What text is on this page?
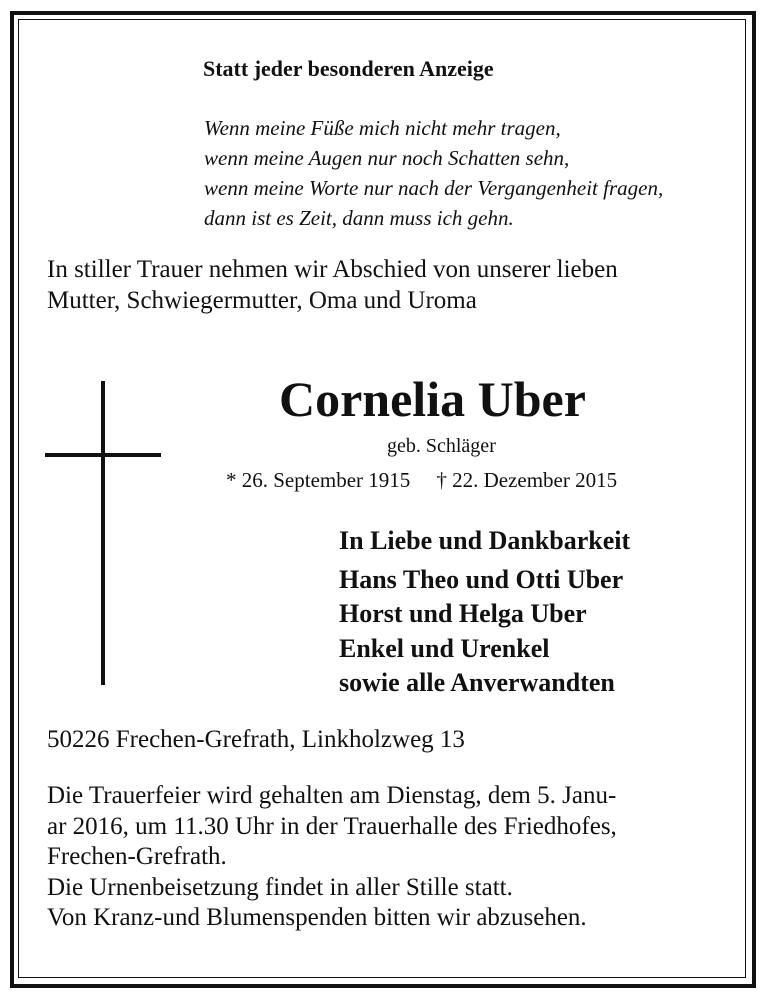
Statt jeder besonderen Anzeige
Wenn meine Füße mich nicht mehr tragen,
wenn meine Augen nur noch Schatten sehn,
wenn meine Worte nur nach der Vergangenheit fragen,
dann ist es Zeit, dann muss ich gehn.
In stiller Trauer nehmen wir Abschied von unserer lieben
Mutter, Schwiegermutter, Oma und Uroma
Cornelia Uber
geb. Schläger
* 26. September 1915 † 22. Dezember 2015
In Liebe und Dankbarkeit
Hans Theo und Otti Uber
Horst und Helga Uber
Enkel und Urenkel
sowie alle Anverwandten
50226 Frechen-Grefrath, Linkholzweg 13
Die Trauerfeier wird gehalten am Dienstag, dem 5. Janu-
ar 2016, um 11.30 Uhr in der Trauerhalle des Friedhofes,
Frechen-Grefrath.
Die Urnenbeisetzung findet in aller Stille statt.
Von Kranz-und Blumenspenden bitten wir abzusehen.
